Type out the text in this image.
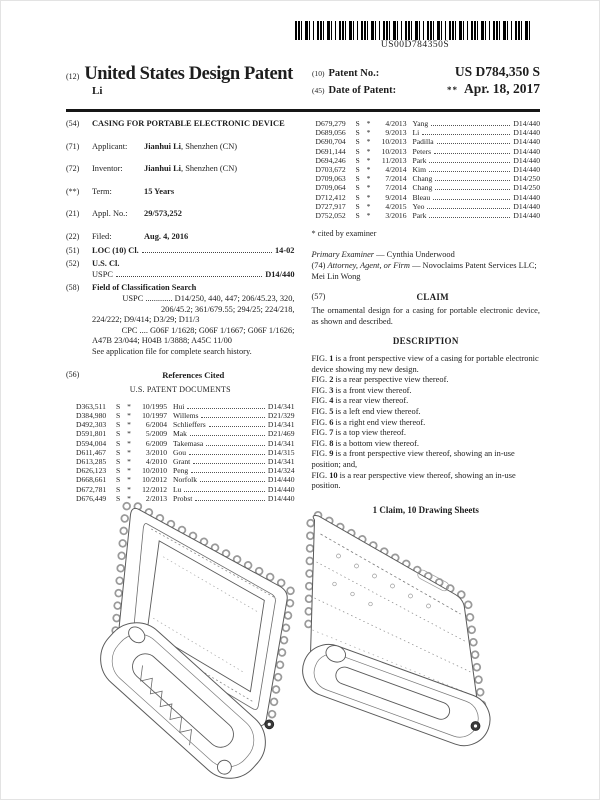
US00D784350S
(12) United States Design Patent
Li
(10) Patent No.:	US D784,350 S
(45) Date of Patent:	** Apr. 18, 2017
(54)	CASING FOR PORTABLE ELECTRONIC DEVICE
(71)	Applicant: Jianhui Li, Shenzhen (CN)
(72)	Inventor:	Jianhui Li, Shenzhen (CN)
(**)	Term:	15 Years
(21)	Appl. No.: 29/573,252
(22)	Filed:	Aug. 4, 2016
(51)	LOC (10) Cl.	14-02
(52)	U.S. Cl.
USPC	D14/440
(58)	Field of Classification Search
USPC ............. D14/250, 440, 447; 206/45.23, 320,
206/45.2; 361/679.55; 294/25; 224/218,
224/222; D9/414; D3/29; D11/3
CPC .... G06F 1/1628; G06F 1/1667; G06F 1/1626;
A47B 23/044; H04B 1/3888; A45C 11/00
See application file for complete search history.
(56)	References Cited
U.S. PATENT DOCUMENTS
D363,511	S *	10/1995 Hui	D14/341
D384,980	S *	10/1997 Willems	D21/329
D492,303	S *	6/2004 Schlieffers	D14/341
D591,801	S *	5/2009 Mak	D21/469
D594,004	S *	6/2009 Takemasa	D14/341
D611,467	S *	3/2010 Gou	D14/315
D613,285	S *	4/2010 Grant	D14/341
D626,123	S *	10/2010 Peng	D14/324
D668,661	S *	10/2012 Norfolk	D14/440
D672,781	S *	12/2012 Lu	D14/440
D676,449	S *	2/2013 Probst	D14/440
D679,279	S *	4/2013 Yang	D14/440
D689,056	S *	9/2013 Li	D14/440
D690,704	S *	10/2013 Padilla	D14/440
D691,144	S *	10/2013 Peters	D14/440
D694,246	S *	11/2013 Park	D14/440
D703,672	S *	4/2014 Kim	D14/440
D709,063	S *	7/2014 Chang	D14/250
D709,064	S *	7/2014 Chang	D14/250
D712,412	S *	9/2014 Bleau	D14/440
D727,917	S *	4/2015 Yeo	D14/440
D752,052	S *	3/2016 Park	D14/440
* cited by examiner
Primary Examiner — Cynthia Underwood
(74) Attorney, Agent, or Firm — Novoclaims Patent Services LLC; Mei Lin Wong
(57)	CLAIM
The ornamental design for a casing for portable electronic device, as shown and described.
DESCRIPTION
FIG. 1 is a front perspective view of a casing for portable electronic device showing my new design.
FIG. 2 is a rear perspective view thereof.
FIG. 3 is a front view thereof.
FIG. 4 is a rear view thereof.
FIG. 5 is a left end view thereof.
FIG. 6 is a right end view thereof.
FIG. 7 is a top view thereof.
FIG. 8 is a bottom view thereof.
FIG. 9 is a front perspective view thereof, showing an in-use position; and,
FIG. 10 is a rear perspective view thereof, showing an in-use position.
1 Claim, 10 Drawing Sheets
